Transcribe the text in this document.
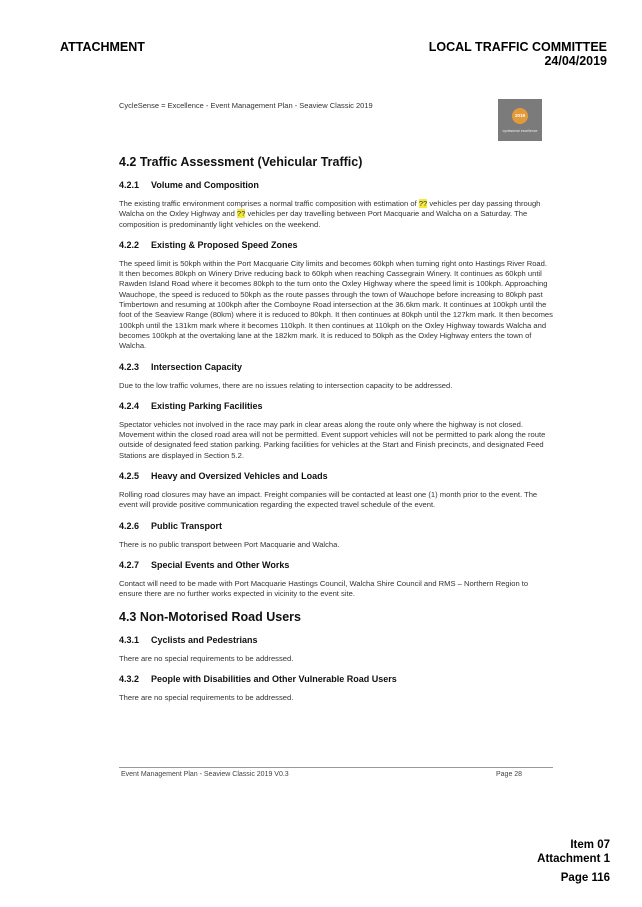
ATTACHMENT	LOCAL TRAFFIC COMMITTEE
24/04/2019
CycleSense = Excellence - Event Management Plan - Seaview Classic 2019
2019
cyclesense excellence
4.2 Traffic Assessment (Vehicular Traffic)
4.2.1 Volume and Composition
The existing traffic environment comprises a normal traffic composition with estimation of ?? vehicles per day passing through Walcha on the Oxley Highway and ?? vehicles per day travelling between Port Macquarie and Walcha on a Saturday. The composition is predominantly light vehicles on the weekend.
4.2.2 Existing & Proposed Speed Zones
The speed limit is 50kph within the Port Macquarie City limits and becomes 60kph when turning right onto Hastings River Road. It then becomes 80kph on Winery Drive reducing back to 60kph when reaching Cassegrain Winery. It continues as 60kph until Rawden Island Road where it becomes 80kph to the turn onto the Oxley Highway where the speed limit is 100kph. Approaching Wauchope, the speed is reduced to 50kph as the route passes through the town of Wauchope before increasing to 80kph past Timbertown and resuming at 100kph after the Comboyne Road intersection at the 36.6km mark. It continues at 100kph until the foot of the Seaview Range (80km) where it is reduced to 80kph. It then continues at 80kph until the 127km mark. It then becomes 100kph until the 131km mark where it becomes 110kph. It then continues at 110kph on the Oxley Highway towards Walcha and becomes 100kph at the overtaking lane at the 182km mark. It is reduced to 50kph as the Oxley Highway enters the town of Walcha.
4.2.3 Intersection Capacity
Due to the low traffic volumes, there are no issues relating to intersection capacity to be addressed.
4.2.4 Existing Parking Facilities
Spectator vehicles not involved in the race may park in clear areas along the route only where the highway is not closed. Movement within the closed road area will not be permitted. Event support vehicles will not be permitted to park along the route outside of designated feed station parking. Parking facilities for vehicles at the Start and Finish precincts, and designated Feed Stations are displayed in Section 5.2.
4.2.5 Heavy and Oversized Vehicles and Loads
Rolling road closures may have an impact. Freight companies will be contacted at least one (1) month prior to the event. The event will provide positive communication regarding the expected travel schedule of the event.
4.2.6 Public Transport
There is no public transport between Port Macquarie and Walcha.
4.2.7 Special Events and Other Works
Contact will need to be made with Port Macquarie Hastings Council, Walcha Shire Council and RMS – Northern Region to ensure there are no further works expected in vicinity to the event site.
4.3 Non-Motorised Road Users
4.3.1 Cyclists and Pedestrians
There are no special requirements to be addressed.
4.3.2 People with Disabilities and Other Vulnerable Road Users
There are no special requirements to be addressed.
Event Management Plan - Seaview Classic 2019 V0.3	Page 28
Item 07
Attachment 1
Page 116
